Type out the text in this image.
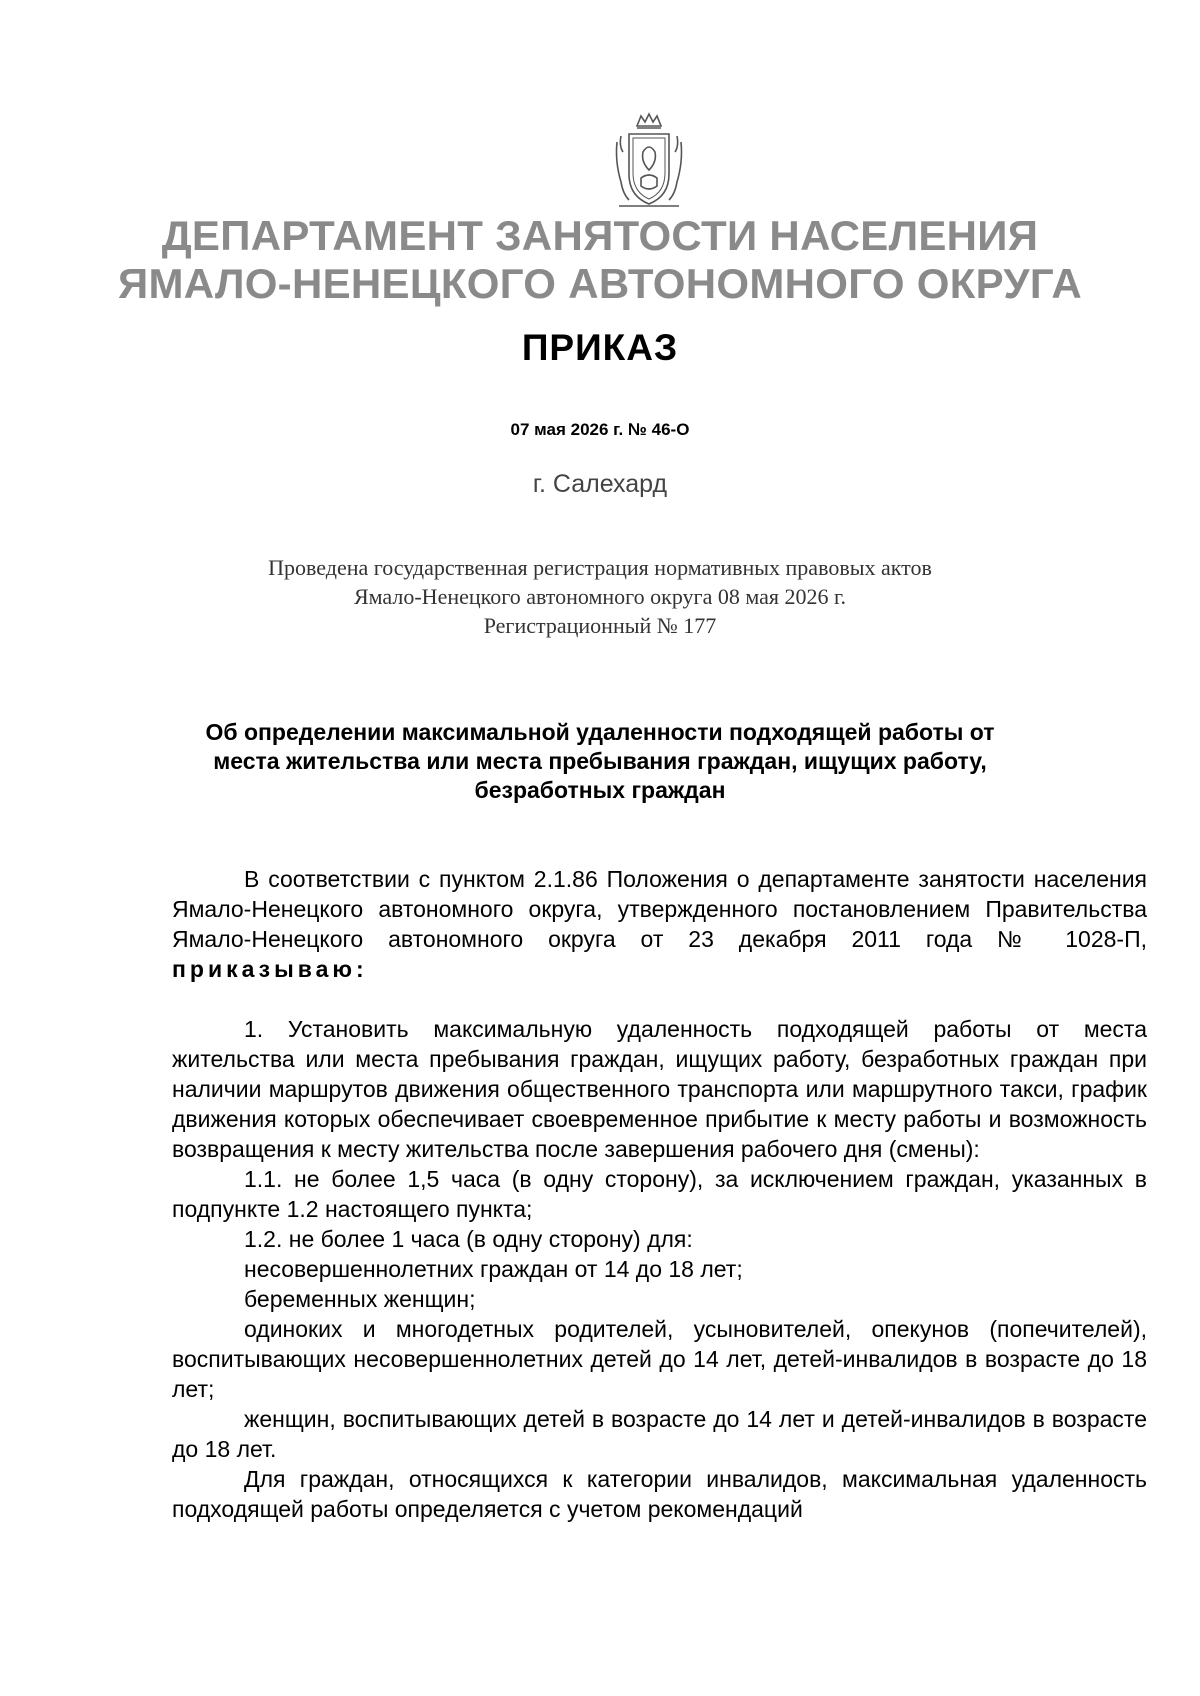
ДЕПАРТАМЕНТ ЗАНЯТОСТИ НАСЕЛЕНИЯ
ЯМАЛО-НЕНЕЦКОГО АВТОНОМНОГО ОКРУГА
ПРИКАЗ
07 мая 2026 г. № 46-О
г. Салехард
Проведена государственная регистрация нормативных правовых актов
Ямало-Ненецкого автономного округа 08 мая 2026 г.
Регистрационный № 177
Об определении максимальной удаленности подходящей работы от
места жительства или места пребывания граждан, ищущих работу,
безработных граждан

В соответствии с пунктом 2.1.86 Положения о департаменте занятости населения Ямало-Ненецкого автономного округа, утвержденного постановлением Правительства Ямало-Ненецкого автономного округа от 23 декабря 2011 года № 1028-П, приказываю:

1. Установить максимальную удаленность подходящей работы от места жительства или места пребывания граждан, ищущих работу, безработных граждан при наличии маршрутов движения общественного транспорта или маршрутного такси, график движения которых обеспечивает своевременное прибытие к месту работы и возможность возвращения к месту жительства после завершения рабочего дня (смены):

1.1. не более 1,5 часа (в одну сторону), за исключением граждан, указанных в подпункте 1.2 настоящего пункта;

1.2. не более 1 часа (в одну сторону) для:

несовершеннолетних граждан от 14 до 18 лет;

беременных женщин;

одиноких и многодетных родителей, усыновителей, опекунов (попечителей), воспитывающих несовершеннолетних детей до 14 лет, детей-инвалидов в возрасте до 18 лет;

женщин, воспитывающих детей в возрасте до 14 лет и детей-инвалидов в возрасте до 18 лет.

Для граждан, относящихся к категории инвалидов, максимальная удаленность подходящей работы определяется с учетом рекомендаций
